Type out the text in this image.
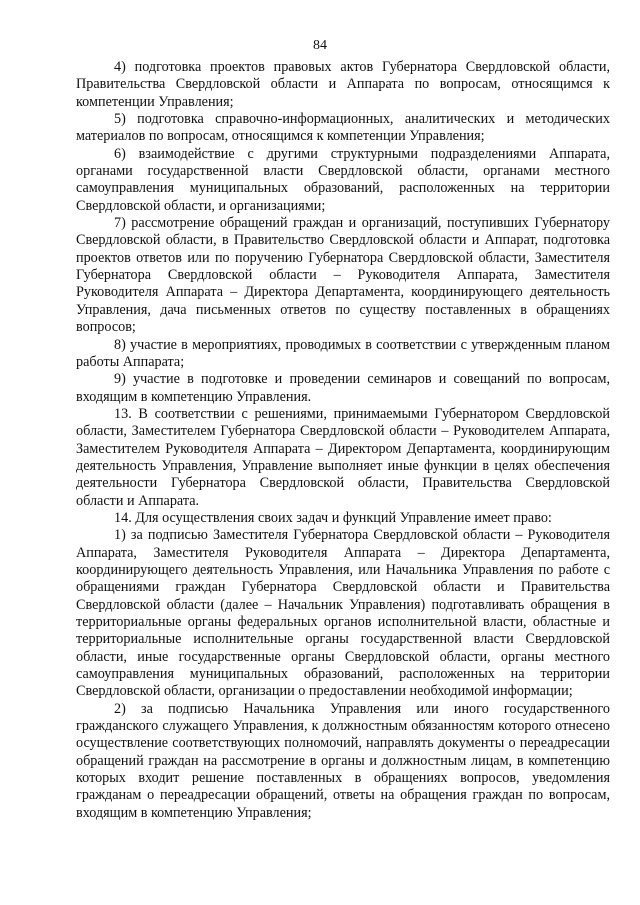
84

4) подготовка проектов правовых актов Губернатора Свердловской области, Правительства Свердловской области и Аппарата по вопросам, относящимся к компетенции Управления;

5) подготовка справочно-информационных, аналитических и методических материалов по вопросам, относящимся к компетенции Управления;

6) взаимодействие с другими структурными подразделениями Аппарата, органами государственной власти Свердловской области, органами местного самоуправления муниципальных образований, расположенных на территории Свердловской области, и организациями;

7) рассмотрение обращений граждан и организаций, поступивших Губернатору Свердловской области, в Правительство Свердловской области и Аппарат, подготовка проектов ответов или по поручению Губернатора Свердловской области, Заместителя Губернатора Свердловской области – Руководителя Аппарата, Заместителя Руководителя Аппарата – Директора Департамента, координирующего деятельность Управления, дача письменных ответов по существу поставленных в обращениях вопросов;

8) участие в мероприятиях, проводимых в соответствии с утвержденным планом работы Аппарата;

9) участие в подготовке и проведении семинаров и совещаний по вопросам, входящим в компетенцию Управления.

13. В соответствии с решениями, принимаемыми Губернатором Свердловской области, Заместителем Губернатора Свердловской области – Руководителем Аппарата, Заместителем Руководителя Аппарата – Директором Департамента, координирующим деятельность Управления, Управление выполняет иные функции в целях обеспечения деятельности Губернатора Свердловской области, Правительства Свердловской области и Аппарата.

14. Для осуществления своих задач и функций Управление имеет право:

1) за подписью Заместителя Губернатора Свердловской области – Руководителя Аппарата, Заместителя Руководителя Аппарата – Директора Департамента, координирующего деятельность Управления, или Начальника Управления по работе с обращениями граждан Губернатора Свердловской области и Правительства Свердловской области (далее – Начальник Управления) подготавливать обращения в территориальные органы федеральных органов исполнительной власти, областные и территориальные исполнительные органы государственной власти Свердловской области, иные государственные органы Свердловской области, органы местного самоуправления муниципальных образований, расположенных на территории Свердловской области, организации о предоставлении необходимой информации;

2) за подписью Начальника Управления или иного государственного гражданского служащего Управления, к должностным обязанностям которого отнесено осуществление соответствующих полномочий, направлять документы о переадресации обращений граждан на рассмотрение в органы и должностным лицам, в компетенцию которых входит решение поставленных в обращениях вопросов, уведомления гражданам о переадресации обращений, ответы на обращения граждан по вопросам, входящим в компетенцию Управления;
